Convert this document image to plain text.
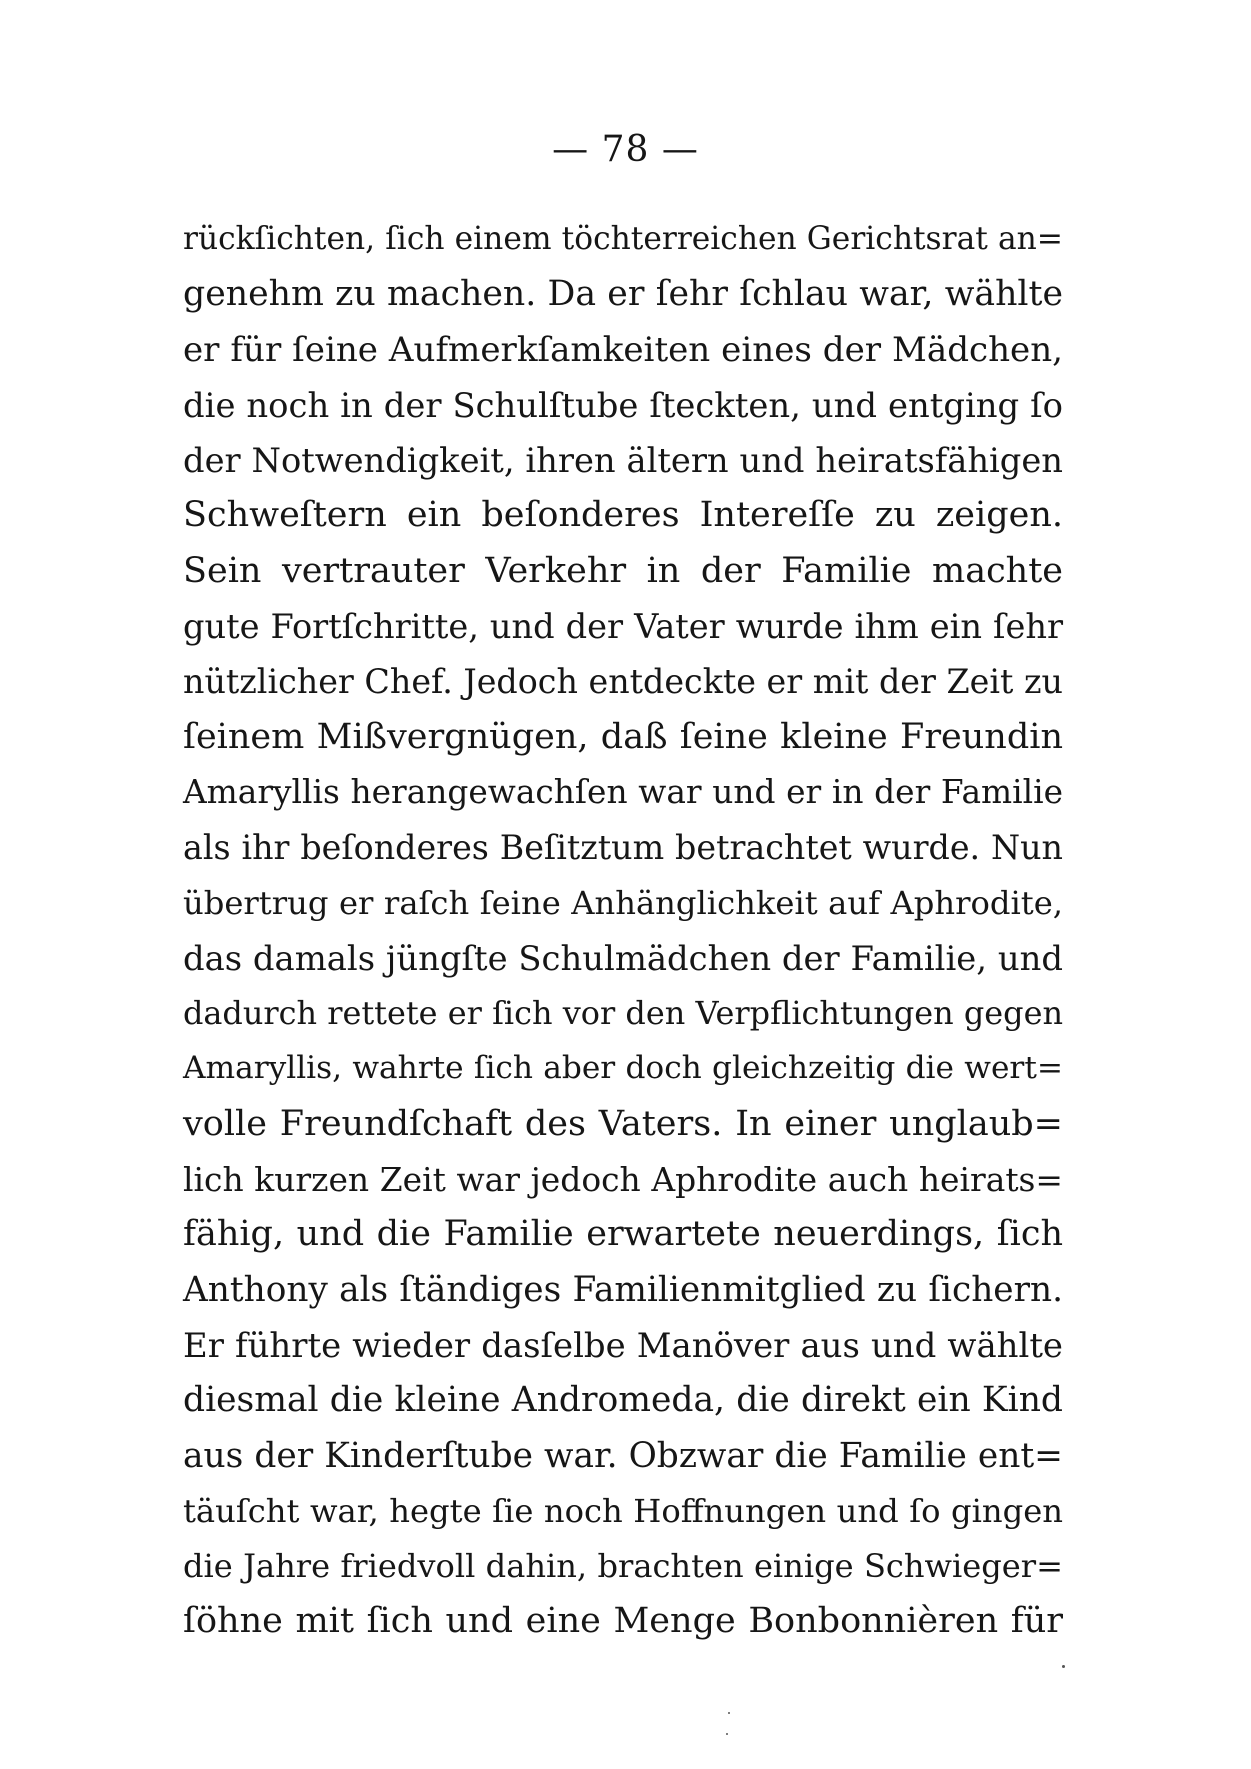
— 78 —
rückſichten, ſich einem töchterreichen Gerichtsrat an=
genehm zu machen. Da er ſehr ſchlau war, wählte
er für ſeine Aufmerkſamkeiten eines der Mädchen,
die noch in der Schulſtube ſteckten, und entging ſo
der Notwendigkeit, ihren ältern und heiratsfähigen
Schweſtern ein beſonderes Intereſſe zu zeigen.
Sein vertrauter Verkehr in der Familie machte
gute Fortſchritte, und der Vater wurde ihm ein ſehr
nützlicher Chef. Jedoch entdeckte er mit der Zeit zu
ſeinem Mißvergnügen, daß ſeine kleine Freundin
Amaryllis herangewachſen war und er in der Familie
als ihr beſonderes Beſitztum betrachtet wurde. Nun
übertrug er raſch ſeine Anhänglichkeit auf Aphrodite,
das damals jüngſte Schulmädchen der Familie, und
dadurch rettete er ſich vor den Verpflichtungen gegen
Amaryllis, wahrte ſich aber doch gleichzeitig die wert=
volle Freundſchaft des Vaters. In einer unglaub=
lich kurzen Zeit war jedoch Aphrodite auch heirats=
fähig, und die Familie erwartete neuerdings, ſich
Anthony als ſtändiges Familienmitglied zu ſichern.
Er führte wieder dasſelbe Manöver aus und wählte
diesmal die kleine Andromeda, die direkt ein Kind
aus der Kinderſtube war. Obzwar die Familie ent=
täuſcht war, hegte ſie noch Hoffnungen und ſo gingen
die Jahre friedvoll dahin, brachten einige Schwieger=
ſöhne mit ſich und eine Menge Bonbonnièren für
